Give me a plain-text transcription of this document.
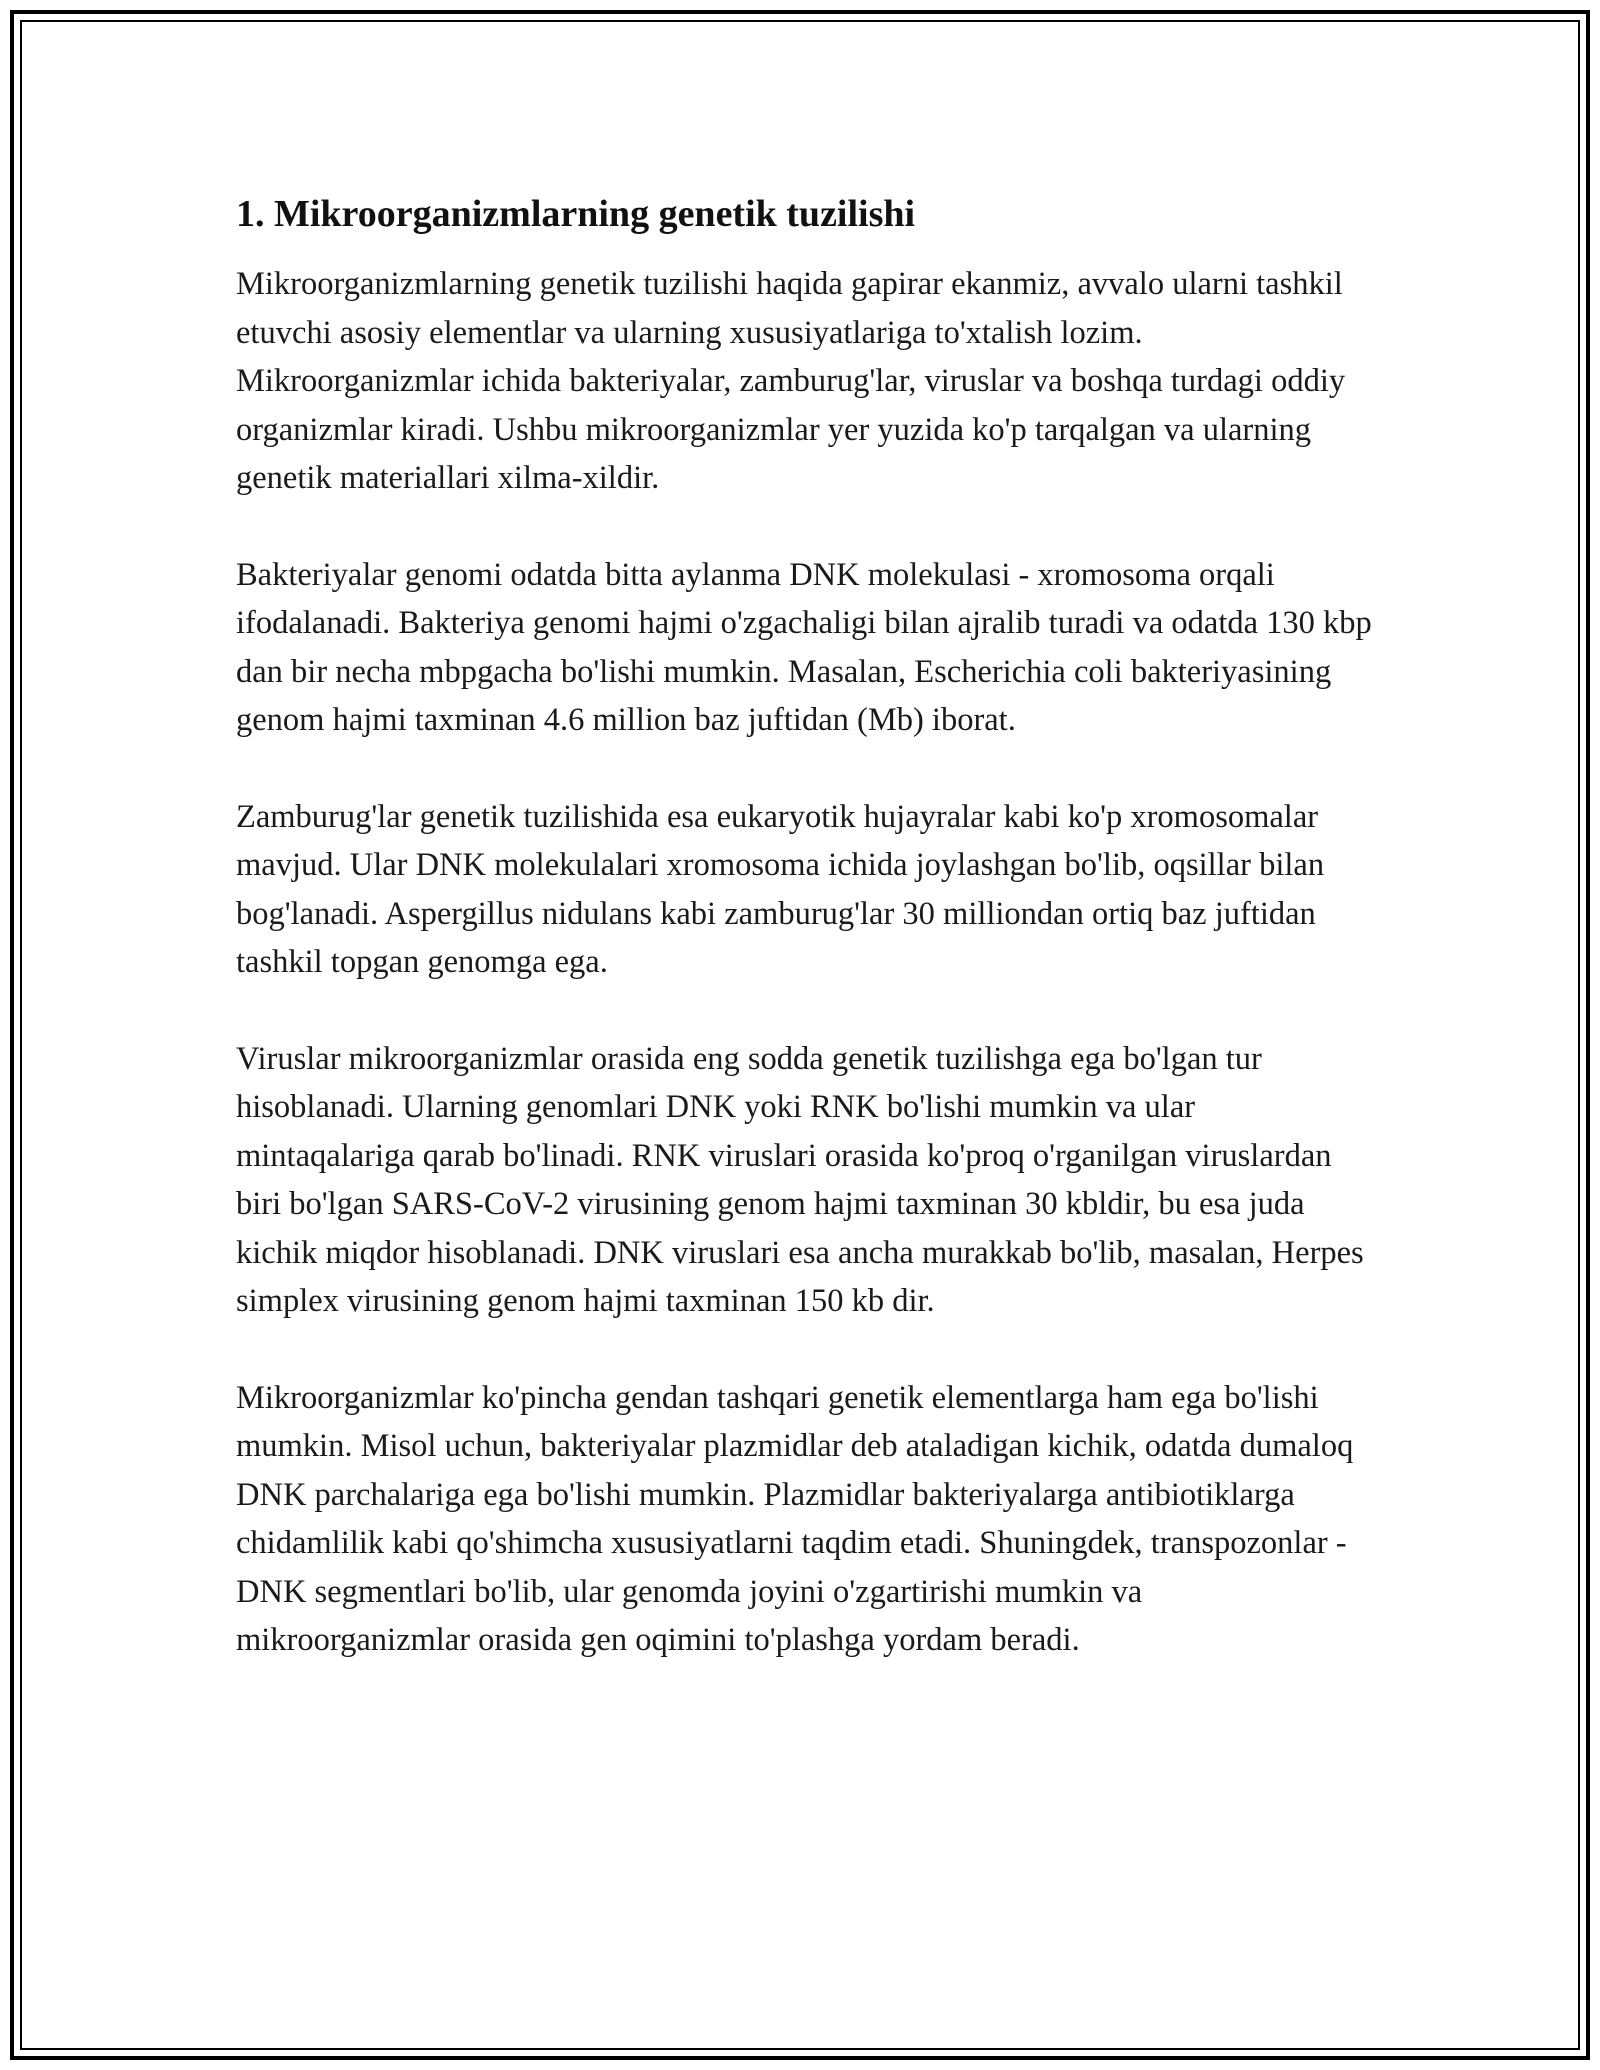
1. Mikroorganizmlarning genetik tuzilishi

Mikroorganizmlarning genetik tuzilishi haqida gapirar ekanmiz, avvalo ularni tashkil etuvchi asosiy elementlar va ularning xususiyatlariga to'xtalish lozim. Mikroorganizmlar ichida bakteriyalar, zamburug'lar, viruslar va boshqa turdagi oddiy organizmlar kiradi. Ushbu mikroorganizmlar yer yuzida ko'p tarqalgan va ularning genetik materiallari xilma-xildir.

Bakteriyalar genomi odatda bitta aylanma DNK molekulasi - xromosoma orqali ifodalanadi. Bakteriya genomi hajmi o'zgachaligi bilan ajralib turadi va odatda 130 kbp dan bir necha mbpgacha bo'lishi mumkin. Masalan, Escherichia coli bakteriyasining genom hajmi taxminan 4.6 million baz juftidan (Mb) iborat.

Zamburug'lar genetik tuzilishida esa eukaryotik hujayralar kabi ko'p xromosomalar mavjud. Ular DNK molekulalari xromosoma ichida joylashgan bo'lib, oqsillar bilan bog'lanadi. Aspergillus nidulans kabi zamburug'lar 30 milliondan ortiq baz juftidan tashkil topgan genomga ega.

Viruslar mikroorganizmlar orasida eng sodda genetik tuzilishga ega bo'lgan tur hisoblanadi. Ularning genomlari DNK yoki RNK bo'lishi mumkin va ular mintaqalariga qarab bo'linadi. RNK viruslari orasida ko'proq o'rganilgan viruslardan biri bo'lgan SARS-CoV-2 virusining genom hajmi taxminan 30 kbldir, bu esa juda kichik miqdor hisoblanadi. DNK viruslari esa ancha murakkab bo'lib, masalan, Herpes simplex virusining genom hajmi taxminan 150 kb dir.

Mikroorganizmlar ko'pincha gendan tashqari genetik elementlarga ham ega bo'lishi mumkin. Misol uchun, bakteriyalar plazmidlar deb ataladigan kichik, odatda dumaloq DNK parchalariga ega bo'lishi mumkin. Plazmidlar bakteriyalarga antibiotiklarga chidamlilik kabi qo'shimcha xususiyatlarni taqdim etadi. Shuningdek, transpozonlar - DNK segmentlari bo'lib, ular genomda joyini o'zgartirishi mumkin va mikroorganizmlar orasida gen oqimini to'plashga yordam beradi.
